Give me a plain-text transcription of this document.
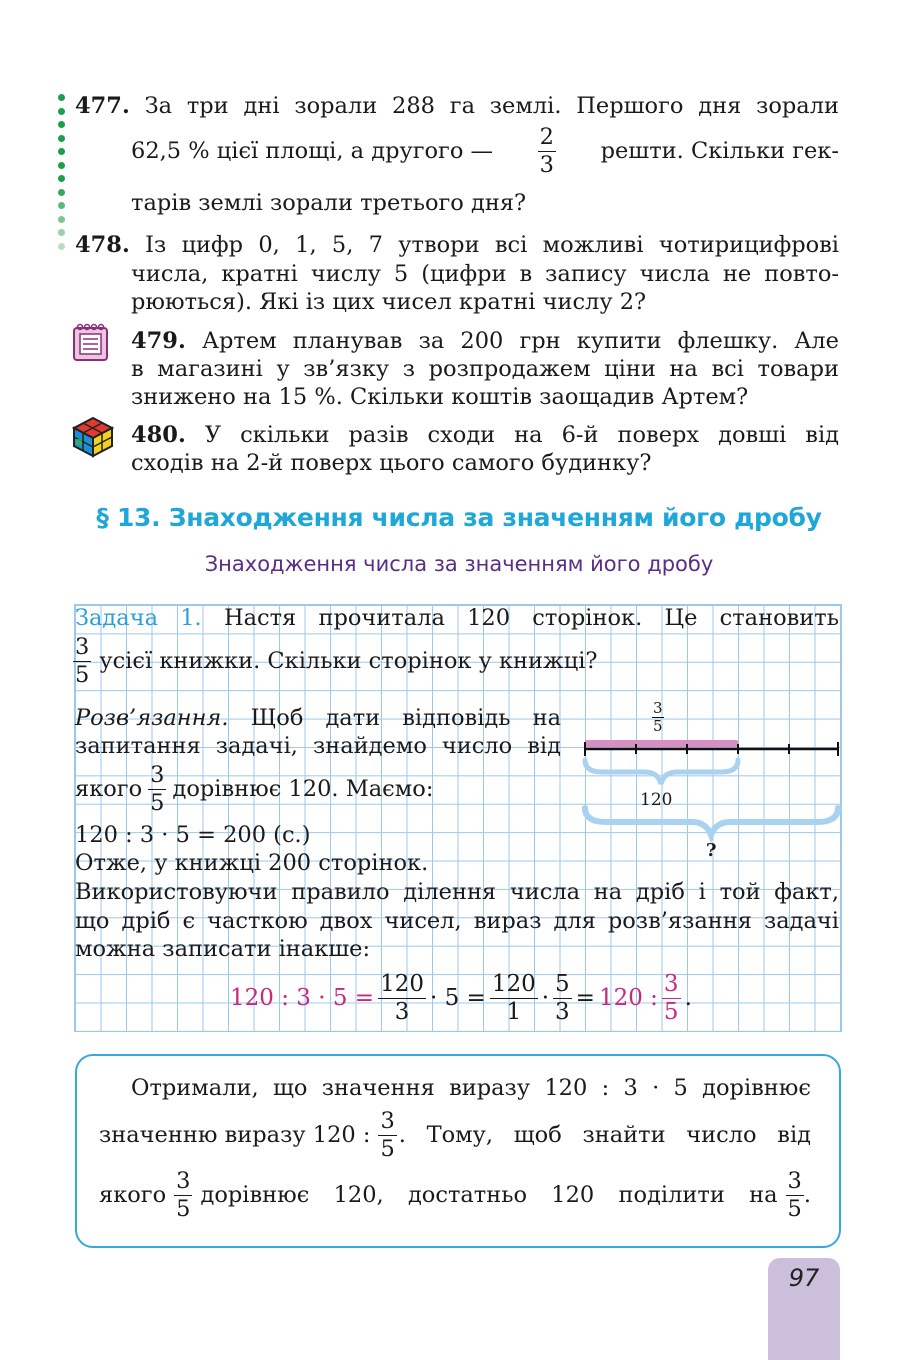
477. За три дні зорали 288 га землі. Першого дня зорали
62,5 % цієї площі, а другого — $\frac{2}{3}$ решти. Скільки гек-
тарів землі зорали третього дня?
478. Із цифр 0, 1, 5, 7 утвори всі можливі чотирицифрові
числа, кратні числу 5 (цифри в запису числа не повто-
рюються). Які із цих чисел кратні числу 2?
479. Артем планував за 200 грн купити флешку. Але
в магазині у зв’язку з розпродажем ціни на всі товари
знижено на 15 %. Скільки коштів заощадив Артем?
480. У скільки разів сходи на 6-й поверх довші від
сходів на 2-й поверх цього самого будинку?
§ 13. Знаходження числа за значенням його дробу
Знаходження числа за значенням його дробу
Задача 1. Настя прочитала 120 сторінок. Це становить
$\frac{3}{5}$ усієї книжки. Скільки сторінок у книжці?
Розв’язання. Щоб дати відповідь на
запитання задачі, знайдемо число від
якого $\frac{3}{5}$ дорівнює 120. Маємо:
120 : 3 · 5 = 200 (с.)
Отже, у книжці 200 сторінок.
Використовуючи правило ділення числа на дріб і той факт,
що дріб є часткою двох чисел, вираз для розв’язання задачі
можна записати інакше:
3
5
120
?
120 : $3 \cdot 5 = \frac{120}{3} \cdot 5 = \frac{120}{1} \cdot \frac{5}{3} = 120$ : $\frac{3}{5}$ .
Отримали, що значення виразу 120 : 3 · 5 дорівнює
значенню виразу 120 : $\frac{3}{5}$ . Тому, щоб знайти число від
якого $\frac{3}{5}$ дорівнює 120, достатньо 120 поділити на $\frac{3}{5}$ .
97
